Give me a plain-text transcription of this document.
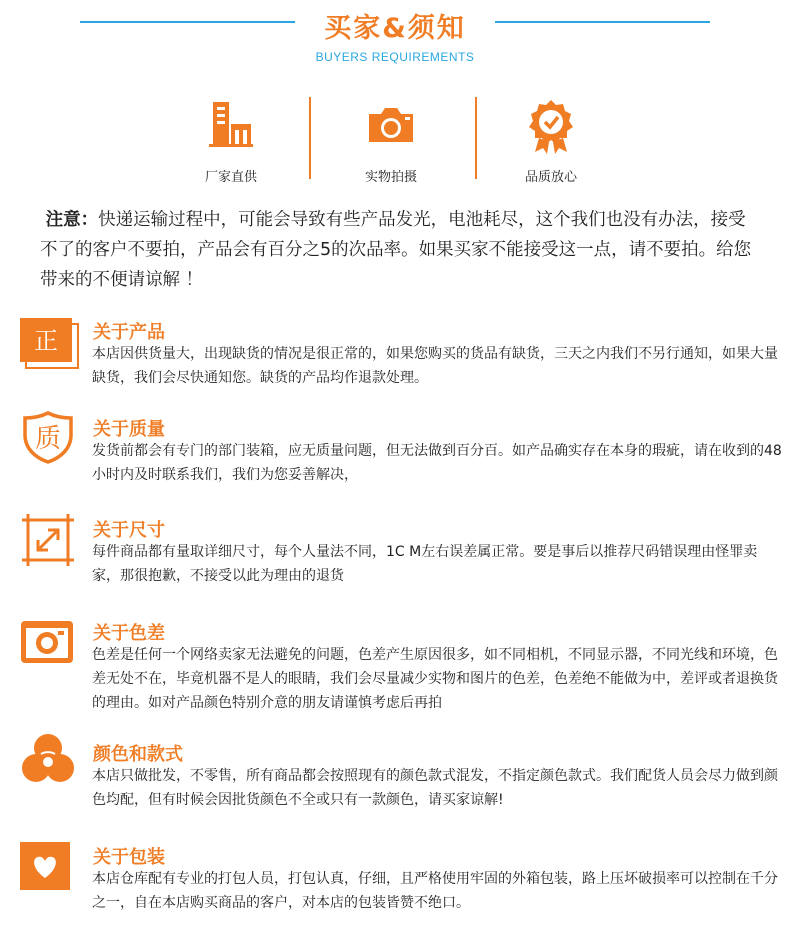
买家&须知
BUYERS REQUIREMENTS
厂家直供	实物拍摄	品质放心
注意：快递运输过程中，可能会导致有些产品发光，电池耗尽，这个我们也没有办法，接受不了的客户不要拍，产品会有百分之5的次品率。如果买家不能接受这一点，请不要拍。给您带来的不便请谅解 ！
正 关于产品
本店因供货量大，出现缺货的情况是很正常的，如果您购买的货品有缺货，三天之内我们不另行通知，如果大量缺货，我们会尽快通知您。缺货的产品均作退款处理。
质 关于质量
发货前都会有专门的部门装箱，应无质量问题，但无法做到百分百。如产品确实存在本身的瑕疵，请在收到的48小时内及时联系我们，我们为您妥善解决，
关于尺寸
每件商品都有量取详细尺寸，每个人量法不同，1C M左右误差属正常。要是事后以推荐尺码错误理由怪罪卖家，那很抱歉，不接受以此为理由的退货
关于色差
色差是任何一个网络卖家无法避免的问题，色差产生原因很多，如不同相机，不同显示器，不同光线和环境，色差无处不在，毕竟机器不是人的眼睛，我们会尽量减少实物和图片的色差，色差绝不能做为中，差评或者退换货的理由。如对产品颜色特别介意的朋友请谨慎考虑后再拍
颜色和款式
本店只做批发，不零售，所有商品都会按照现有的颜色款式混发，不指定颜色款式。我们配货人员会尽力做到颜色均配，但有时候会因批货颜色不全或只有一款颜色，请买家谅解!
关于包装
本店仓库配有专业的打包人员，打包认真，仔细，且严格使用牢固的外箱包装，路上压坏破损率可以控制在千分之一，自在本店购买商品的客户，对本店的包装皆赞不绝口。
